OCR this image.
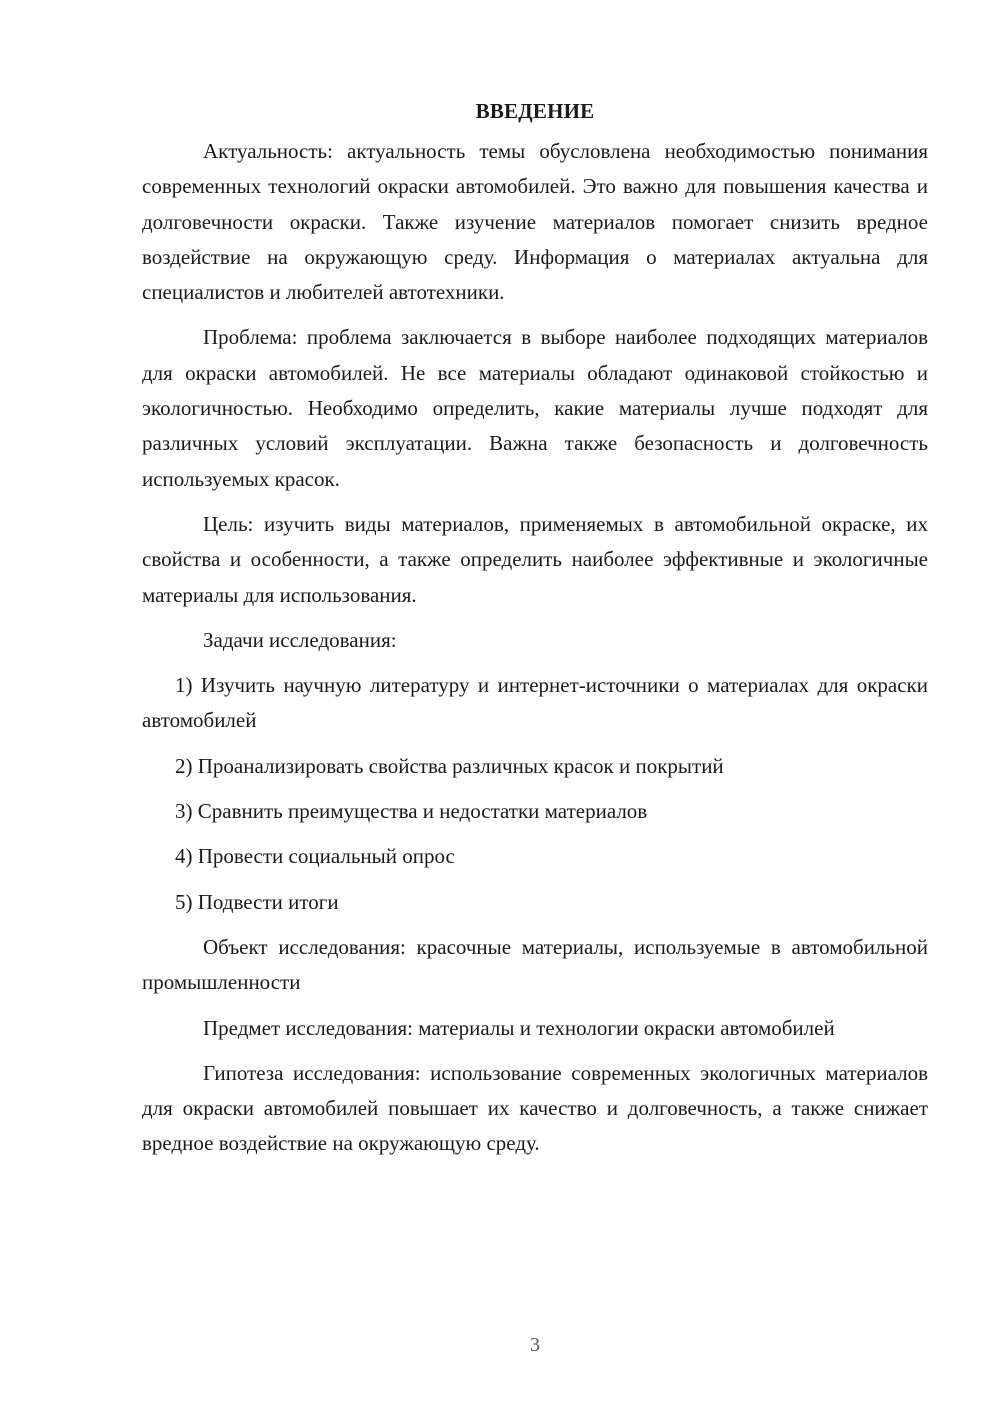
ВВЕДЕНИЕ

Актуальность: актуальность темы обусловлена необходимостью понимания современных технологий окраски автомобилей. Это важно для повышения качества и долговечности окраски. Также изучение материалов помогает снизить вредное воздействие на окружающую среду. Информация о материалах актуальна для специалистов и любителей автотехники.

Проблема: проблема заключается в выборе наиболее подходящих материалов для окраски автомобилей. Не все материалы обладают одинаковой стойкостью и экологичностью. Необходимо определить, какие материалы лучше подходят для различных условий эксплуатации. Важна также безопасность и долговечность используемых красок.

Цель: изучить виды материалов, применяемых в автомобильной окраске, их свойства и особенности, а также определить наиболее эффективные и экологичные материалы для использования.

Задачи исследования:

1) Изучить научную литературу и интернет-источники о материалах для окраски автомобилей

2) Проанализировать свойства различных красок и покрытий

3) Сравнить преимущества и недостатки материалов

4) Провести социальный опрос

5) Подвести итоги

Объект исследования: красочные материалы, используемые в автомобильной промышленности

Предмет исследования: материалы и технологии окраски автомобилей

Гипотеза исследования: использование современных экологичных материалов для окраски автомобилей повышает их качество и долговечность, а также снижает вредное воздействие на окружающую среду.

3
